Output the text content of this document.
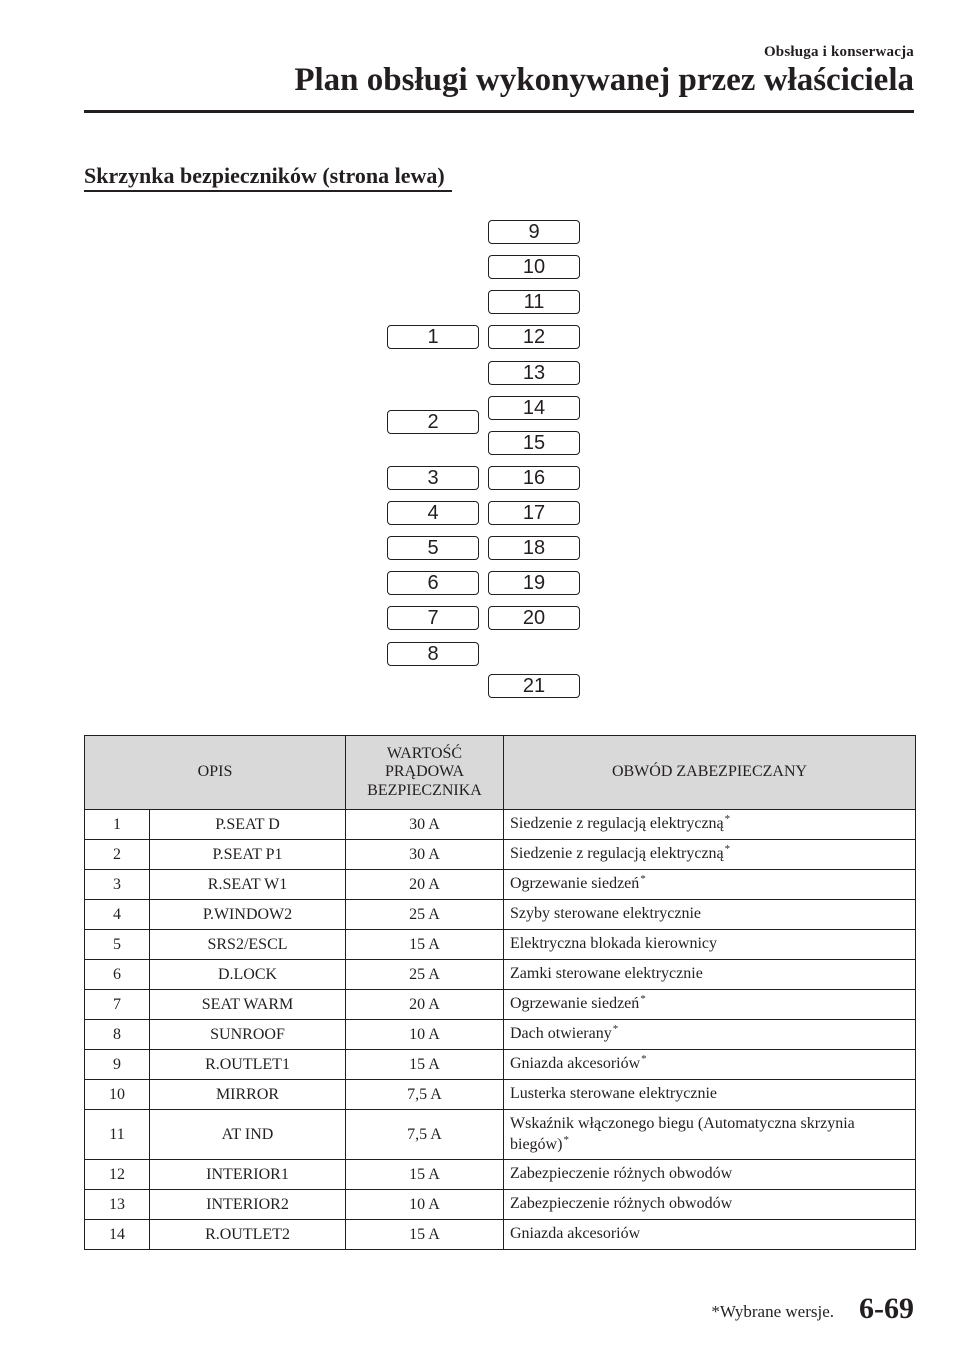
Obsługa i konserwacja
Plan obsługi wykonywanej przez właściciela
Skrzynka bezpieczników (strona lewa)
1
2
3
4
5
6
7
8
9
10
11
12
13
14
15
16
17
18
19
20
21
OPIS		WARTOŚĆ PRĄDOWA BEZPIECZNIKA	OBWÓD ZABEZPIECZANY
1	P.SEAT D	30 A	Siedzenie z regulacją elektryczną*
2	P.SEAT P1	30 A	Siedzenie z regulacją elektryczną*
3	R.SEAT W1	20 A	Ogrzewanie siedzeń*
4	P.WINDOW2	25 A	Szyby sterowane elektrycznie
5	SRS2/ESCL	15 A	Elektryczna blokada kierownicy
6	D.LOCK	25 A	Zamki sterowane elektrycznie
7	SEAT WARM	20 A	Ogrzewanie siedzeń*
8	SUNROOF	10 A	Dach otwierany*
9	R.OUTLET1	15 A	Gniazda akcesoriów*
10	MIRROR	7,5 A	Lusterka sterowane elektrycznie
11	AT IND	7,5 A	Wskaźnik włączonego biegu (Automatyczna skrzynia biegów)*
12	INTERIOR1	15 A	Zabezpieczenie różnych obwodów
13	INTERIOR2	10 A	Zabezpieczenie różnych obwodów
14	R.OUTLET2	15 A	Gniazda akcesoriów
*Wybrane wersje. 6-69
